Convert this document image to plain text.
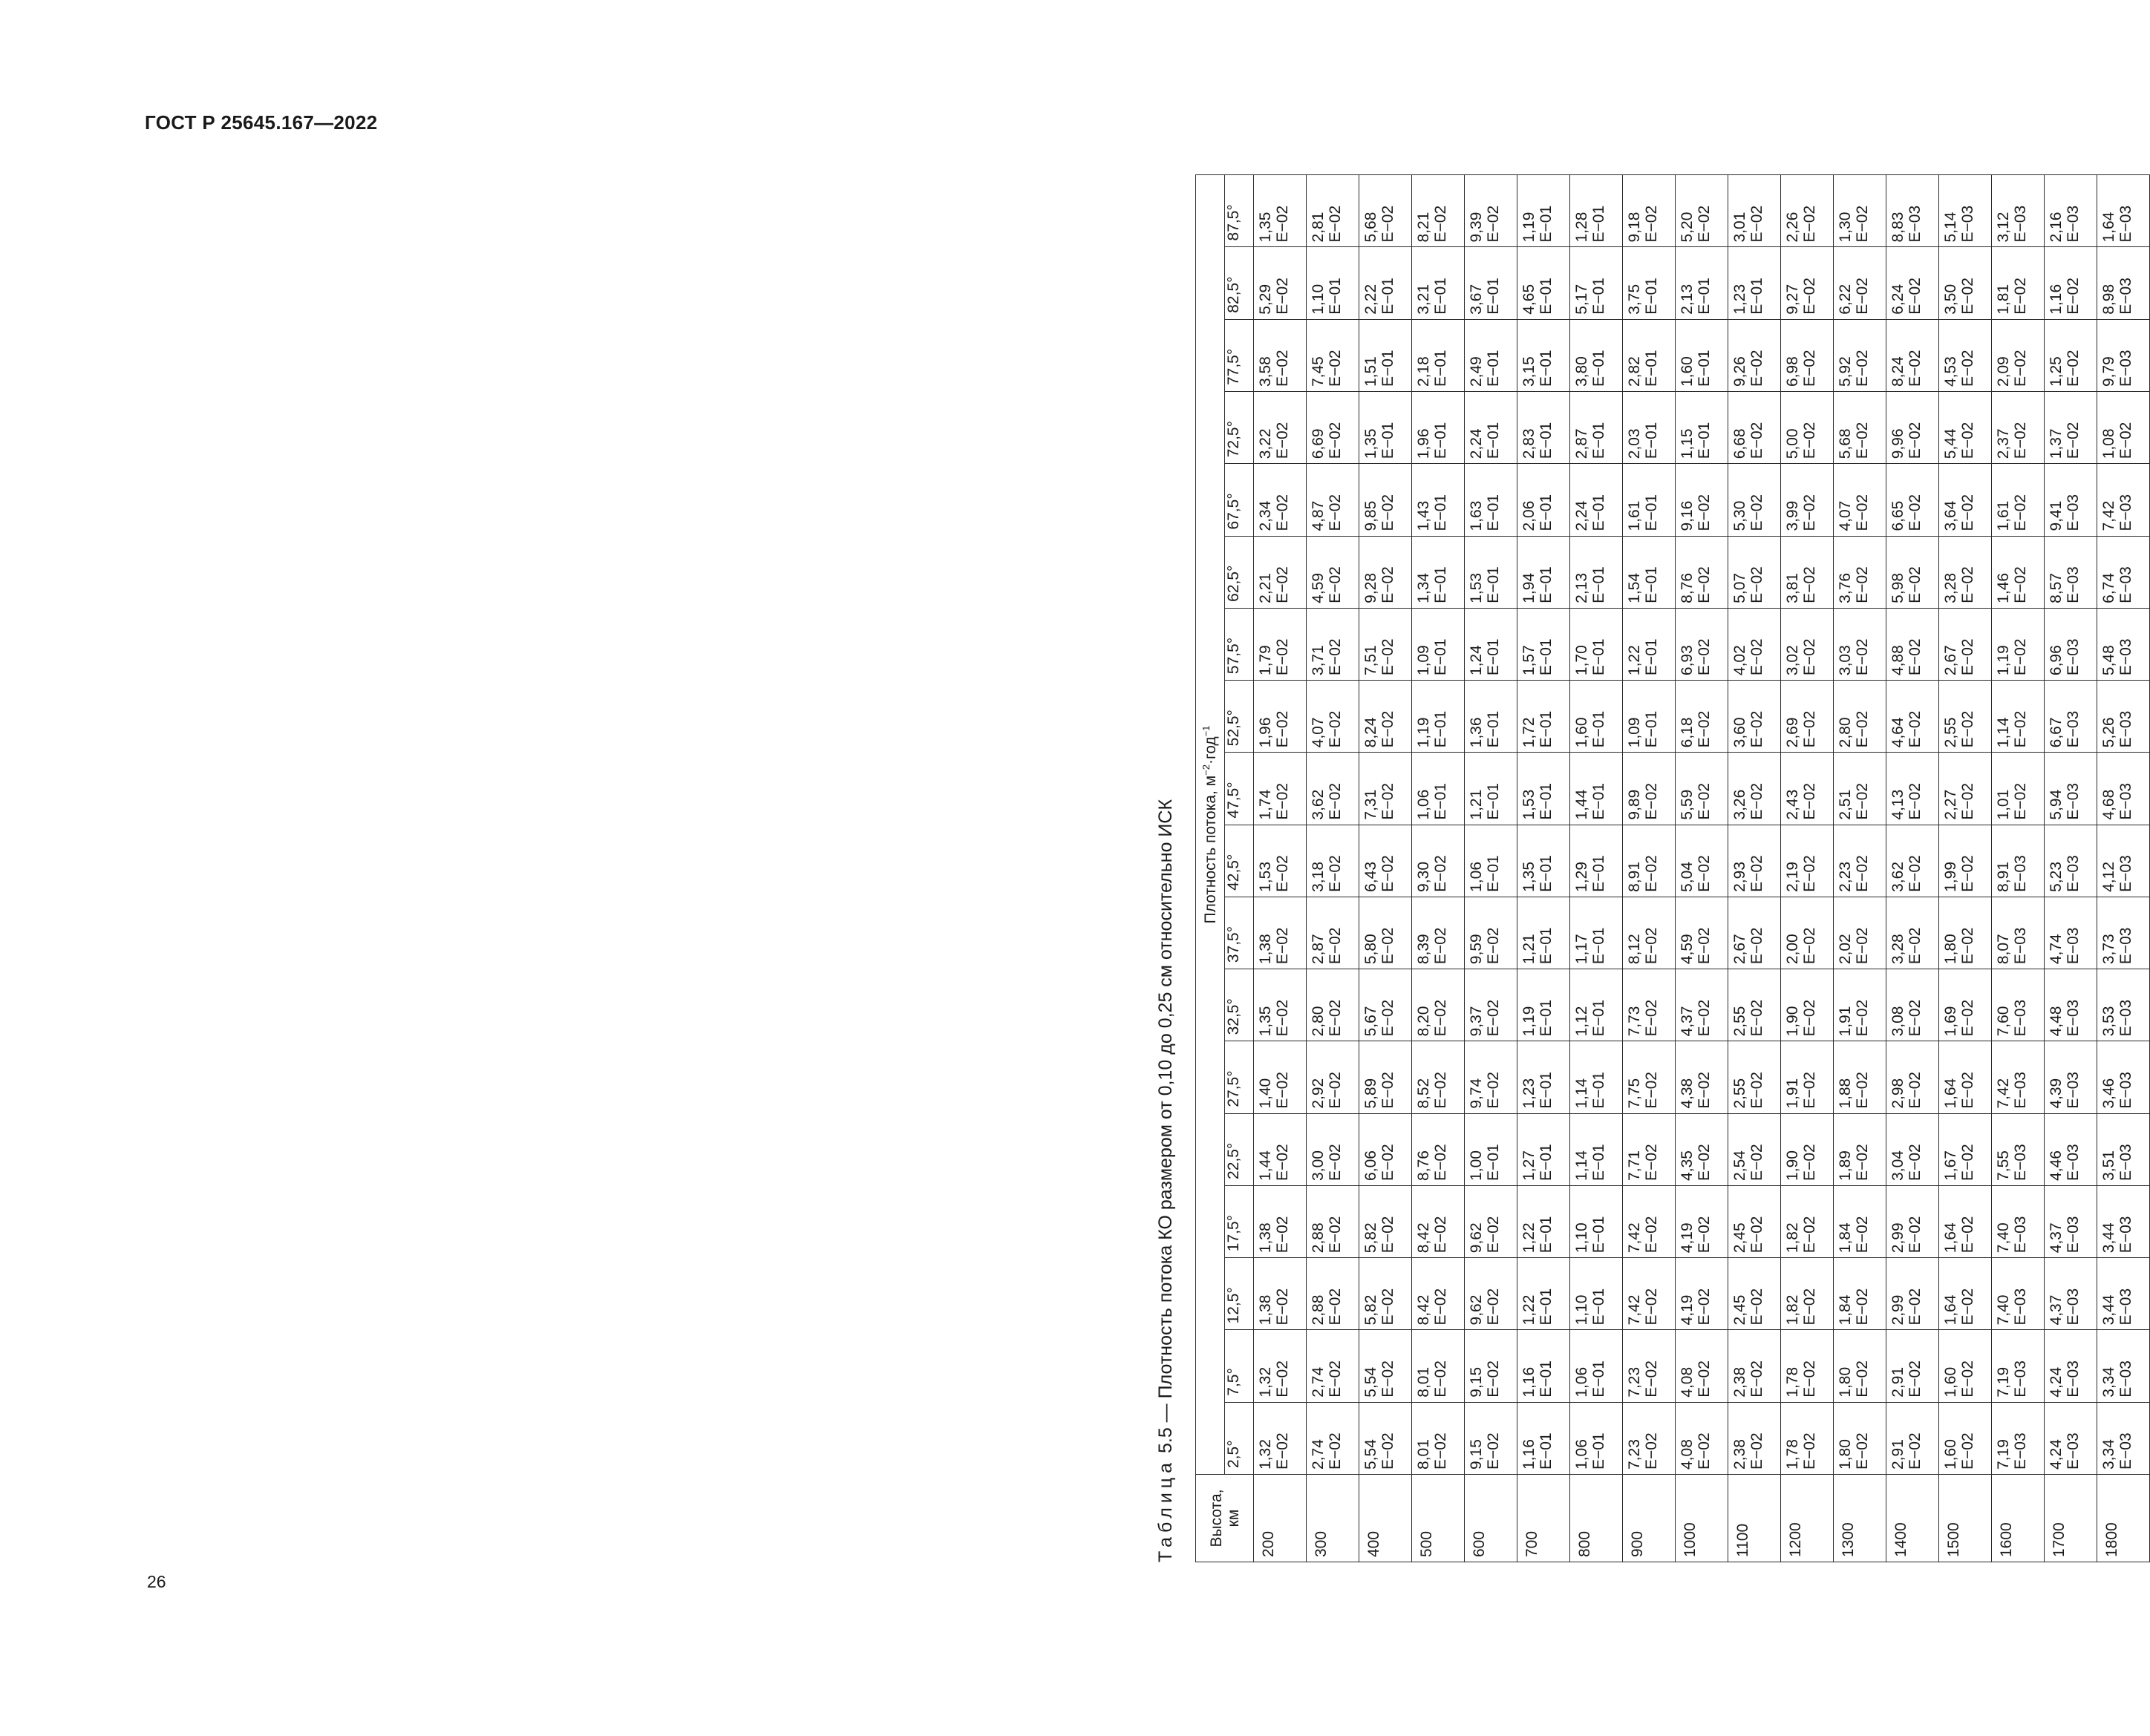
ГОСТ Р 25645.167—2022
26
Таблица 5.5 — Плотность потока КО размером от 0,10 до 0,25 см относительно ИСК
Высота, км	Плотность потока, $м^{-2}\cdot год^{-1}$
	2,5°	7,5°	12,5°	17,5°	22,5°	27,5°	32,5°	37,5°	42,5°	47,5°	52,5°	57,5°	62,5°	67,5°	72,5°	77,5°	82,5°	87,5°
200	1,32 E−02	1,32 E−02	1,38 E−02	1,38 E−02	1,44 E−02	1,40 E−02	1,35 E−02	1,38 E−02	1,53 E−02	1,74 E−02	1,96 E−02	1,79 E−02	2,21 E−02	2,34 E−02	3,22 E−02	3,58 E−02	5,29 E−02	1,35 E−02

300	2,74 E−02	2,74 E−02	2,88 E−02	2,88 E−02	3,00 E−02	2,92 E−02	2,80 E−02	2,87 E−02	3,18 E−02	3,62 E−02	4,07 E−02	3,71 E−02	4,59 E−02	4,87 E−02	6,69 E−02	7,45 E−02	1,10 E−01	2,81 E−02

400	5,54 E−02	5,54 E−02	5,82 E−02	5,82 E−02	6,06 E−02	5,89 E−02	5,67 E−02	5,80 E−02	6,43 E−02	7,31 E−02	8,24 E−02	7,51 E−02	9,28 E−02	9,85 E−02	1,35 E−01	1,51 E−01	2,22 E−01	5,68 E−02

500	8,01 E−02	8,01 E−02	8,42 E−02	8,42 E−02	8,76 E−02	8,52 E−02	8,20 E−02	8,39 E−02	9,30 E−02	1,06 E−01	1,19 E−01	1,09 E−01	1,34 E−01	1,43 E−01	1,96 E−01	2,18 E−01	3,21 E−01	8,21 E−02

600	9,15 E−02	9,15 E−02	9,62 E−02	9,62 E−02	1,00 E−01	9,74 E−02	9,37 E−02	9,59 E−02	1,06 E−01	1,21 E−01	1,36 E−01	1,24 E−01	1,53 E−01	1,63 E−01	2,24 E−01	2,49 E−01	3,67 E−01	9,39 E−02

700	1,16 E−01	1,16 E−01	1,22 E−01	1,22 E−01	1,27 E−01	1,23 E−01	1,19 E−01	1,21 E−01	1,35 E−01	1,53 E−01	1,72 E−01	1,57 E−01	1,94 E−01	2,06 E−01	2,83 E−01	3,15 E−01	4,65 E−01	1,19 E−01

800	1,06 E−01	1,06 E−01	1,10 E−01	1,10 E−01	1,14 E−01	1,14 E−01	1,12 E−01	1,17 E−01	1,29 E−01	1,44 E−01	1,60 E−01	1,70 E−01	2,13 E−01	2,24 E−01	2,87 E−01	3,80 E−01	5,17 E−01	1,28 E−01

900	7,23 E−02	7,23 E−02	7,42 E−02	7,42 E−02	7,71 E−02	7,75 E−02	7,73 E−02	8,12 E−02	8,91 E−02	9,89 E−02	1,09 E−01	1,22 E−01	1,54 E−01	1,61 E−01	2,03 E−01	2,82 E−01	3,75 E−01	9,18 E−02

1000	4,08 E−02	4,08 E−02	4,19 E−02	4,19 E−02	4,35 E−02	4,38 E−02	4,37 E−02	4,59 E−02	5,04 E−02	5,59 E−02	6,18 E−02	6,93 E−02	8,76 E−02	9,16 E−02	1,15 E−01	1,60 E−01	2,13 E−01	5,20 E−02

1100	2,38 E−02	2,38 E−02	2,45 E−02	2,45 E−02	2,54 E−02	2,55 E−02	2,55 E−02	2,67 E−02	2,93 E−02	3,26 E−02	3,60 E−02	4,02 E−02	5,07 E−02	5,30 E−02	6,68 E−02	9,26 E−02	1,23 E−01	3,01 E−02

1200	1,78 E−02	1,78 E−02	1,82 E−02	1,82 E−02	1,90 E−02	1,91 E−02	1,90 E−02	2,00 E−02	2,19 E−02	2,43 E−02	2,69 E−02	3,02 E−02	3,81 E−02	3,99 E−02	5,00 E−02	6,98 E−02	9,27 E−02	2,26 E−02

1300	1,80 E−02	1,80 E−02	1,84 E−02	1,84 E−02	1,89 E−02	1,88 E−02	1,91 E−02	2,02 E−02	2,23 E−02	2,51 E−02	2,80 E−02	3,03 E−02	3,76 E−02	4,07 E−02	5,68 E−02	5,92 E−02	6,22 E−02	1,30 E−02

1400	2,91 E−02	2,91 E−02	2,99 E−02	2,99 E−02	3,04 E−02	2,98 E−02	3,08 E−02	3,28 E−02	3,62 E−02	4,13 E−02	4,64 E−02	4,88 E−02	5,98 E−02	6,65 E−02	9,96 E−02	8,24 E−02	6,24 E−02	8,83 E−03

1500	1,60 E−02	1,60 E−02	1,64 E−02	1,64 E−02	1,67 E−02	1,64 E−02	1,69 E−02	1,80 E−02	1,99 E−02	2,27 E−02	2,55 E−02	2,67 E−02	3,28 E−02	3,64 E−02	5,44 E−02	4,53 E−02	3,50 E−02	5,14 E−03

1600	7,19 E−03	7,19 E−03	7,40 E−03	7,40 E−03	7,55 E−03	7,42 E−03	7,60 E−03	8,07 E−03	8,91 E−03	1,01 E−02	1,14 E−02	1,19 E−02	1,46 E−02	1,61 E−02	2,37 E−02	2,09 E−02	1,81 E−02	3,12 E−03

1700	4,24 E−03	4,24 E−03	4,37 E−03	4,37 E−03	4,46 E−03	4,39 E−03	4,48 E−03	4,74 E−03	5,23 E−03	5,94 E−03	6,67 E−03	6,96 E−03	8,57 E−03	9,41 E−03	1,37 E−02	1,25 E−02	1,16 E−02	2,16 E−03

1800	3,34 E−03	3,34 E−03	3,44 E−03	3,44 E−03	3,51 E−03	3,46 E−03	3,53 E−03	3,73 E−03	4,12 E−03	4,68 E−03	5,26 E−03	5,48 E−03	6,74 E−03	7,42 E−03	1,08 E−02	9,79 E−03	8,98 E−03	1,64 E−03
